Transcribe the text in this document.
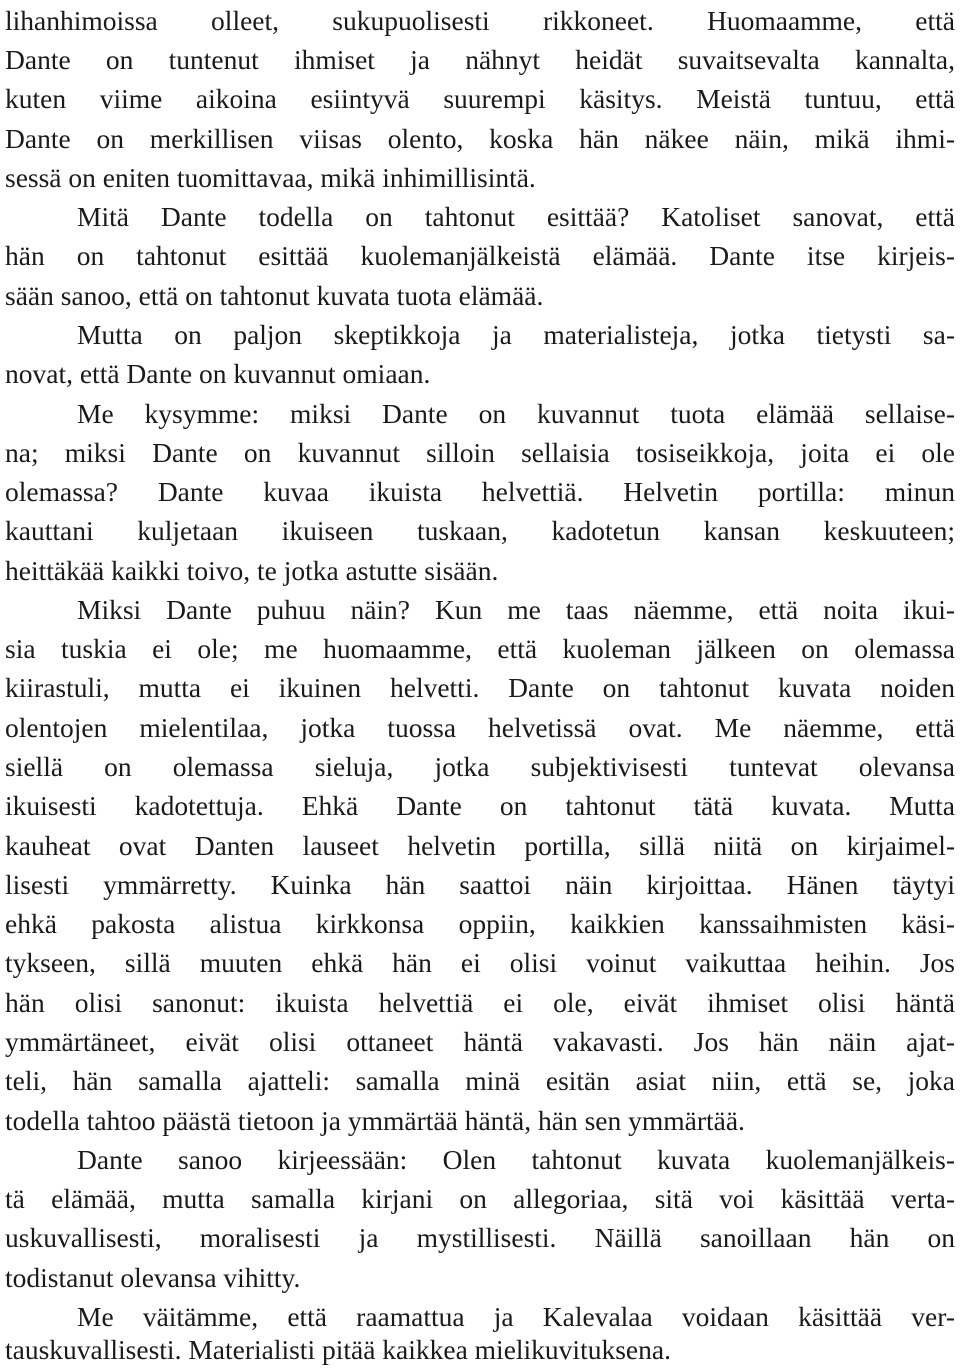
lihanhimoissa olleet, sukupuolisesti rikkoneet. Huomaamme, että
Dante on tuntenut ihmiset ja nähnyt heidät suvaitsevalta kannalta,
kuten viime aikoina esiintyvä suurempi käsitys. Meistä tuntuu, että
Dante on merkillisen viisas olento, koska hän näkee näin, mikä ihmi-
sessä on eniten tuomittavaa, mikä inhimillisintä.
Mitä Dante todella on tahtonut esittää? Katoliset sanovat, että
hän on tahtonut esittää kuolemanjälkeistä elämää. Dante itse kirjeis-
sään sanoo, että on tahtonut kuvata tuota elämää.
Mutta on paljon skeptikkoja ja materialisteja, jotka tietysti sa-
novat, että Dante on kuvannut omiaan.
Me kysymme: miksi Dante on kuvannut tuota elämää sellaise-
na; miksi Dante on kuvannut silloin sellaisia tosiseikkoja, joita ei ole
olemassa? Dante kuvaa ikuista helvettiä. Helvetin portilla: minun
kauttani kuljetaan ikuiseen tuskaan, kadotetun kansan keskuuteen;
heittäkää kaikki toivo, te jotka astutte sisään.
Miksi Dante puhuu näin? Kun me taas näemme, että noita ikui-
sia tuskia ei ole; me huomaamme, että kuoleman jälkeen on olemassa
kiirastuli, mutta ei ikuinen helvetti. Dante on tahtonut kuvata noiden
olentojen mielentilaa, jotka tuossa helvetissä ovat. Me näemme, että
siellä on olemassa sieluja, jotka subjektivisesti tuntevat olevansa
ikuisesti kadotettuja. Ehkä Dante on tahtonut tätä kuvata. Mutta
kauheat ovat Danten lauseet helvetin portilla, sillä niitä on kirjaimel-
lisesti ymmärretty. Kuinka hän saattoi näin kirjoittaa. Hänen täytyi
ehkä pakosta alistua kirkkonsa oppiin, kaikkien kanssaihmisten käsi-
tykseen, sillä muuten ehkä hän ei olisi voinut vaikuttaa heihin. Jos
hän olisi sanonut: ikuista helvettiä ei ole, eivät ihmiset olisi häntä
ymmärtäneet, eivät olisi ottaneet häntä vakavasti. Jos hän näin ajat-
teli, hän samalla ajatteli: samalla minä esitän asiat niin, että se, joka
todella tahtoo päästä tietoon ja ymmärtää häntä, hän sen ymmärtää.
Dante sanoo kirjeessään: Olen tahtonut kuvata kuolemanjälkeis-
tä elämää, mutta samalla kirjani on allegoriaa, sitä voi käsittää verta-
uskuvallisesti, moralisesti ja mystillisesti. Näillä sanoillaan hän on
todistanut olevansa vihitty.
Me väitämme, että raamattua ja Kalevalaa voidaan käsittää ver-
tauskuvallisesti. Materialisti pitää kaikkea mielikuvituksena.
